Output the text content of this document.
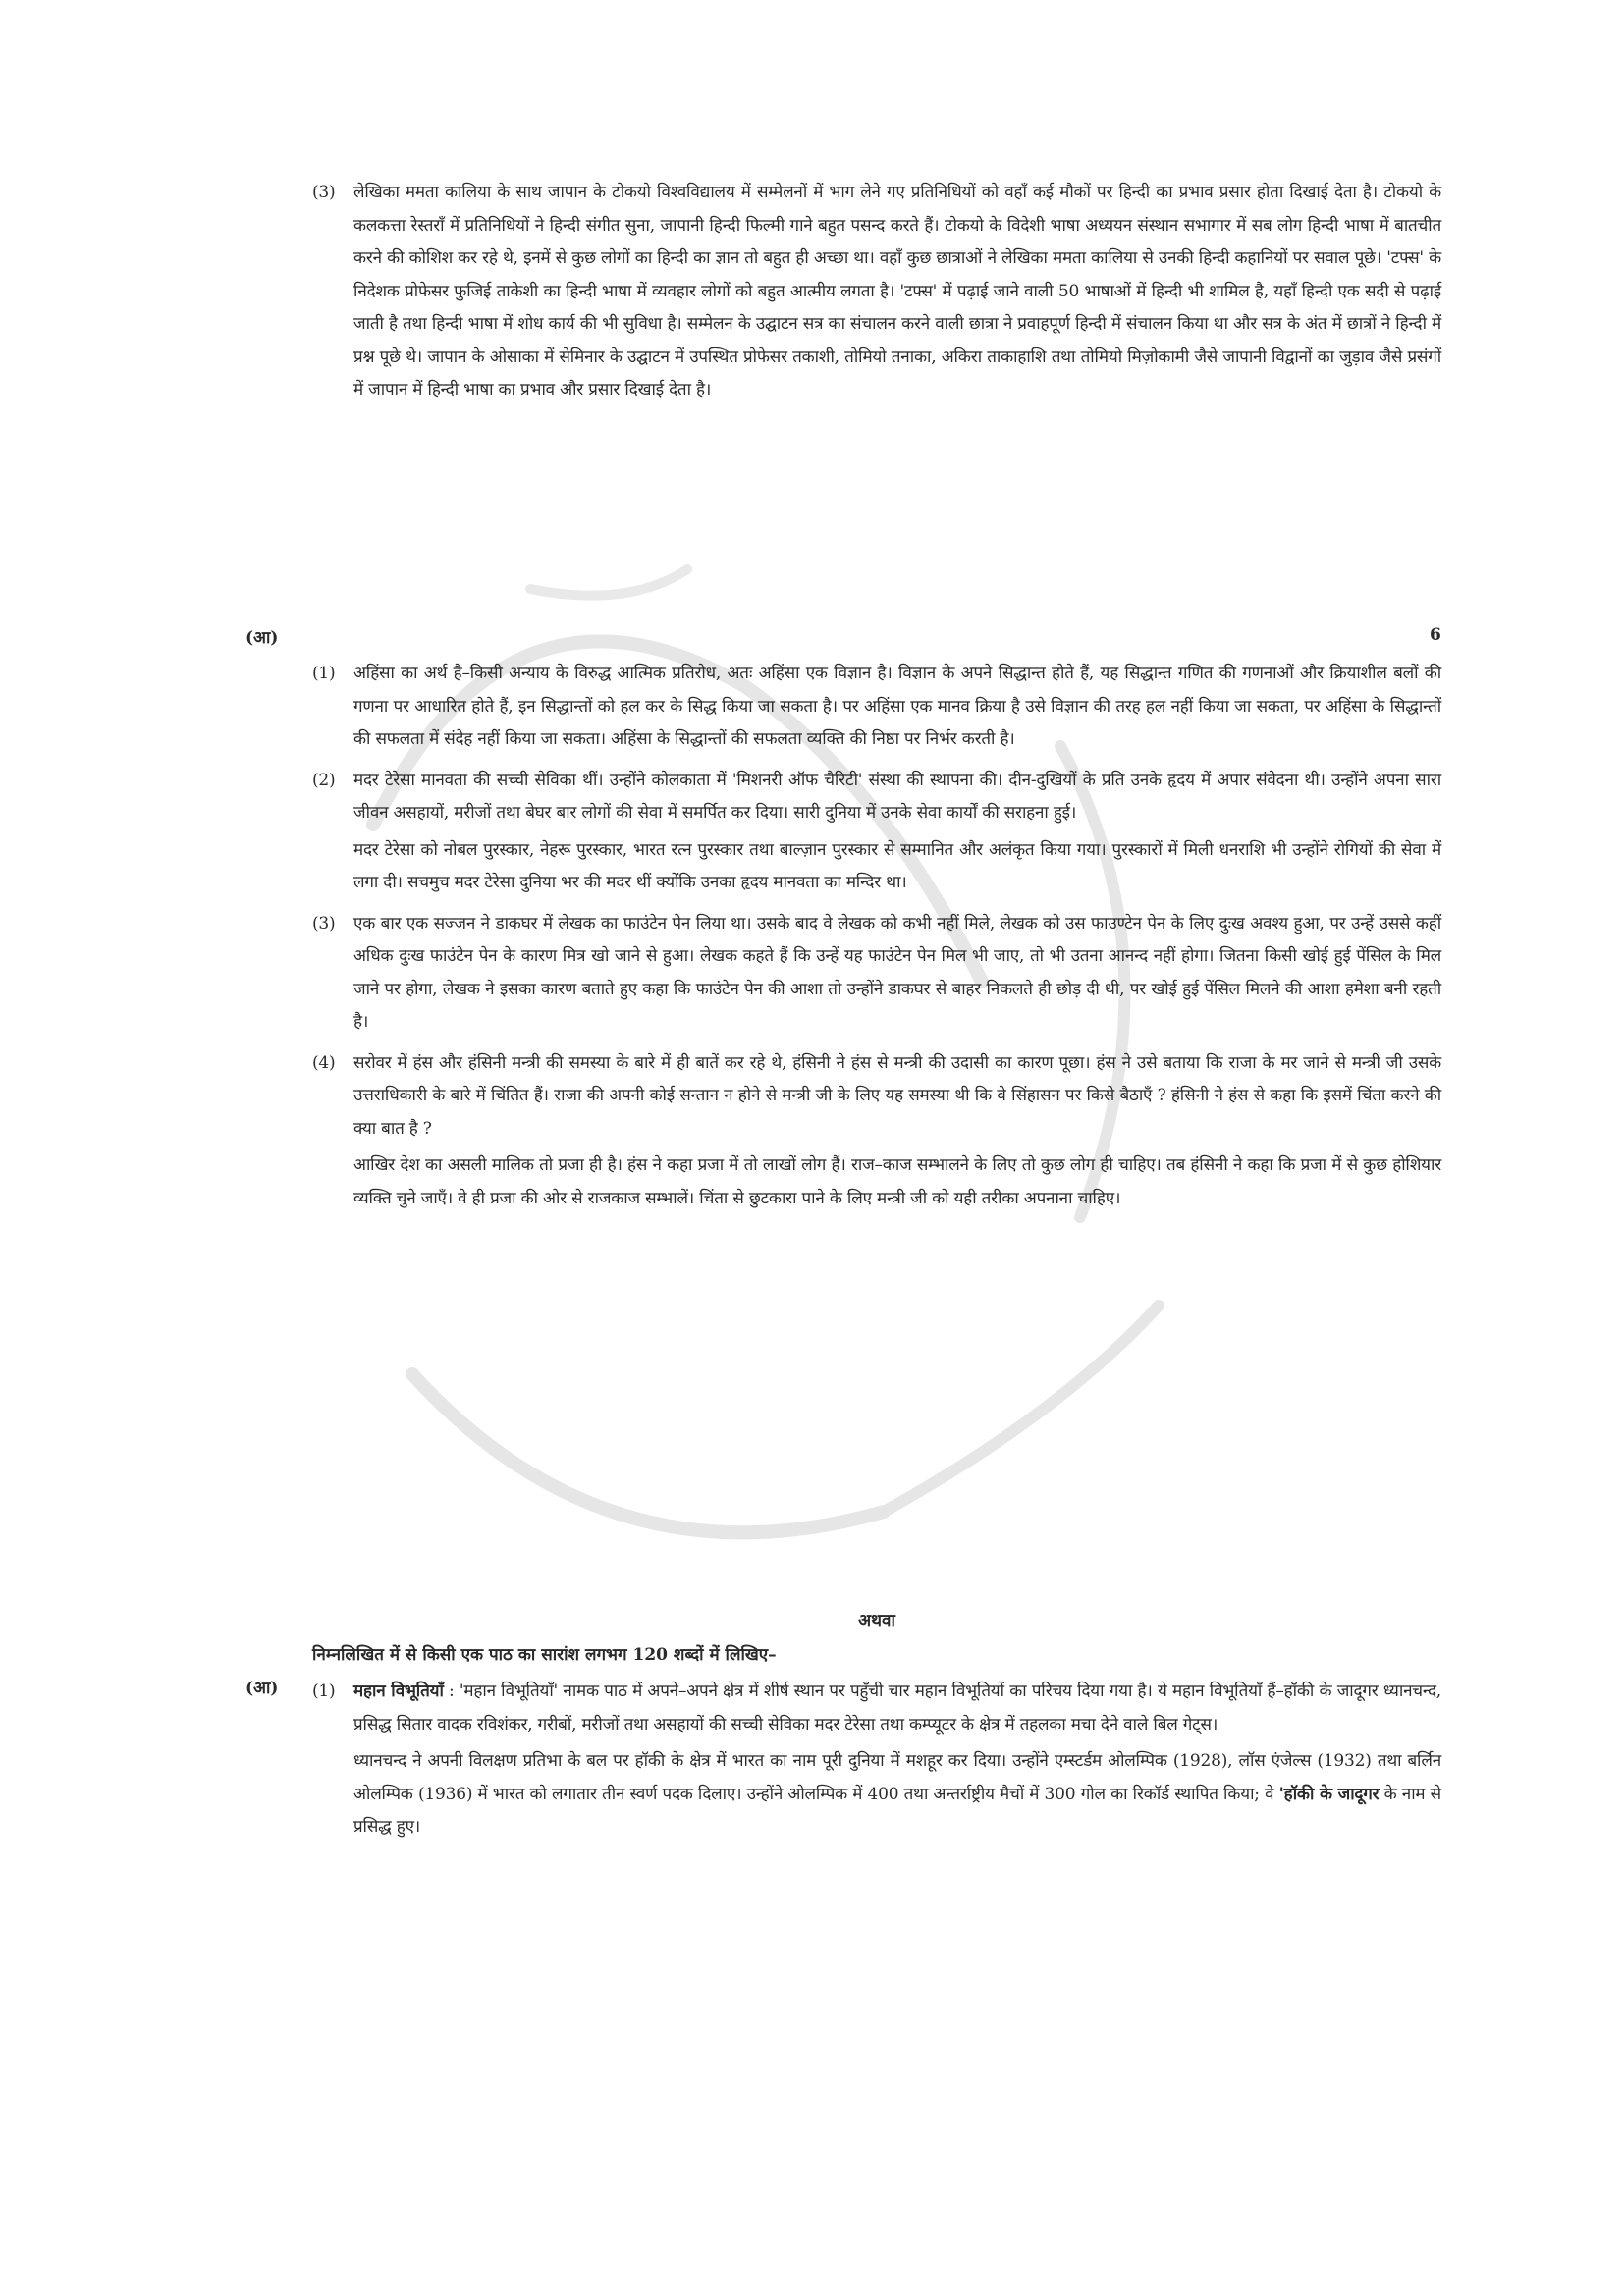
(3) लेखिका ममता कालिया के साथ जापान के टोकयो विश्वविद्यालय में सम्मेलनों में भाग लेने गए प्रतिनिधियों को वहाँ कई मौकों पर हिन्दी का प्रभाव प्रसार होता दिखाई देता है। टोकयो के कलकत्ता रेस्तराँ में प्रतिनिधियों ने हिन्दी संगीत सुना, जापानी हिन्दी फिल्मी गाने बहुत पसन्द करते हैं। टोकयो के विदेशी भाषा अध्ययन संस्थान सभागार में सब लोग हिन्दी भाषा में बातचीत करने की कोशिश कर रहे थे, इनमें से कुछ लोगों का हिन्दी का ज्ञान तो बहुत ही अच्छा था। वहाँ कुछ छात्राओं ने लेखिका ममता कालिया से उनकी हिन्दी कहानियों पर सवाल पूछे। 'टफ्स' के निदेशक प्रोफेसर फुजिई ताकेशी का हिन्दी भाषा में व्यवहार लोगों को बहुत आत्मीय लगता है। 'टफ्स' में पढ़ाई जाने वाली 50 भाषाओं में हिन्दी भी शामिल है, यहाँ हिन्दी एक सदी से पढ़ाई जाती है तथा हिन्दी भाषा में शोध कार्य की भी सुविधा है। सम्मेलन के उद्घाटन सत्र का संचालन करने वाली छात्रा ने प्रवाहपूर्ण हिन्दी में संचालन किया था और सत्र के अंत में छात्रों ने हिन्दी में प्रश्न पूछे थे। जापान के ओसाका में सेमिनार के उद्घाटन में उपस्थित प्रोफेसर तकाशी, तोमियो तनाका, अकिरा ताकाहाशि तथा तोमियो मिज़ोकामी जैसे जापानी विद्वानों का जुड़ाव जैसे प्रसंगों में जापान में हिन्दी भाषा का प्रभाव और प्रसार दिखाई देता है।

(आ)	6
(1) अहिंसा का अर्थ है–किसी अन्याय के विरुद्ध आत्मिक प्रतिरोध, अतः अहिंसा एक विज्ञान है। विज्ञान के अपने सिद्धान्त होते हैं, यह सिद्धान्त गणित की गणनाओं और क्रियाशील बलों की गणना पर आधारित होते हैं, इन सिद्धान्तों को हल कर के सिद्ध किया जा सकता है। पर अहिंसा एक मानव क्रिया है उसे विज्ञान की तरह हल नहीं किया जा सकता, पर अहिंसा के सिद्धान्तों की सफलता में संदेह नहीं किया जा सकता। अहिंसा के सिद्धान्तों की सफलता व्यक्ति की निष्ठा पर निर्भर करती है।

(2) मदर टेरेसा मानवता की सच्ची सेविका थीं। उन्होंने कोलकाता में 'मिशनरी ऑफ चैरिटी' संस्था की स्थापना की। दीन-दुखियों के प्रति उनके हृदय में अपार संवेदना थी। उन्होंने अपना सारा जीवन असहायों, मरीजों तथा बेघर बार लोगों की सेवा में समर्पित कर दिया। सारी दुनिया में उनके सेवा कार्यों की सराहना हुई।

मदर टेरेसा को नोबल पुरस्कार, नेहरू पुरस्कार, भारत रत्न पुरस्कार तथा बाल्ज़ान पुरस्कार से सम्मानित और अलंकृत किया गया। पुरस्कारों में मिली धनराशि भी उन्होंने रोगियों की सेवा में लगा दी। सचमुच मदर टेरेसा दुनिया भर की मदर थीं क्योंकि उनका हृदय मानवता का मन्दिर था।

(3) एक बार एक सज्जन ने डाकघर में लेखक का फाउंटेन पेन लिया था। उसके बाद वे लेखक को कभी नहीं मिले, लेखक को उस फाउण्टेन पेन के लिए दुःख अवश्य हुआ, पर उन्हें उससे कहीं अधिक दुःख फाउंटेन पेन के कारण मित्र खो जाने से हुआ। लेखक कहते हैं कि उन्हें यह फाउंटेन पेन मिल भी जाए, तो भी उतना आनन्द नहीं होगा। जितना किसी खोई हुई पेंसिल के मिल जाने पर होगा, लेखक ने इसका कारण बताते हुए कहा कि फाउंटेन पेन की आशा तो उन्होंने डाकघर से बाहर निकलते ही छोड़ दी थी, पर खोई हुई पेंसिल मिलने की आशा हमेशा बनी रहती है।

(4) सरोवर में हंस और हंसिनी मन्त्री की समस्या के बारे में ही बातें कर रहे थे, हंसिनी ने हंस से मन्त्री की उदासी का कारण पूछा। हंस ने उसे बताया कि राजा के मर जाने से मन्त्री जी उसके उत्तराधिकारी के बारे में चिंतित हैं। राजा की अपनी कोई सन्तान न होने से मन्त्री जी के लिए यह समस्या थी कि वे सिंहासन पर किसे बैठाएँ ? हंसिनी ने हंस से कहा कि इसमें चिंता करने की क्या बात है ?

आखिर देश का असली मालिक तो प्रजा ही है। हंस ने कहा प्रजा में तो लाखों लोग हैं। राज–काज सम्भालने के लिए तो कुछ लोग ही चाहिए। तब हंसिनी ने कहा कि प्रजा में से कुछ होशियार व्यक्ति चुने जाएँ। वे ही प्रजा की ओर से राजकाज सम्भालें। चिंता से छुटकारा पाने के लिए मन्त्री जी को यही तरीका अपनाना चाहिए।

अथवा
निम्नलिखित में से किसी एक पाठ का सारांश लगभग 120 शब्दों में लिखिए–
(आ) (1) महान विभूतियाँ : 'महान विभूतियाँ' नामक पाठ में अपने–अपने क्षेत्र में शीर्ष स्थान पर पहुँची चार महान विभूतियों का परिचय दिया गया है। ये महान विभूतियाँ हैं–हॉकी के जादूगर ध्यानचन्द, प्रसिद्ध सितार वादक रविशंकर, गरीबों, मरीजों तथा असहायों की सच्ची सेविका मदर टेरेसा तथा कम्प्यूटर के क्षेत्र में तहलका मचा देने वाले बिल गेट्स।

ध्यानचन्द ने अपनी विलक्षण प्रतिभा के बल पर हॉकी के क्षेत्र में भारत का नाम पूरी दुनिया में मशहूर कर दिया। उन्होंने एम्स्टर्डम ओलम्पिक (1928), लॉस एंजेल्स (1932) तथा बर्लिन ओलम्पिक (1936) में भारत को लगातार तीन स्वर्ण पदक दिलाए। उन्होंने ओलम्पिक में 400 तथा अन्तर्राष्ट्रीय मैचों में 300 गोल का रिकॉर्ड स्थापित किया; वे 'हॉकी के जादूगर के नाम से प्रसिद्ध हुए।
